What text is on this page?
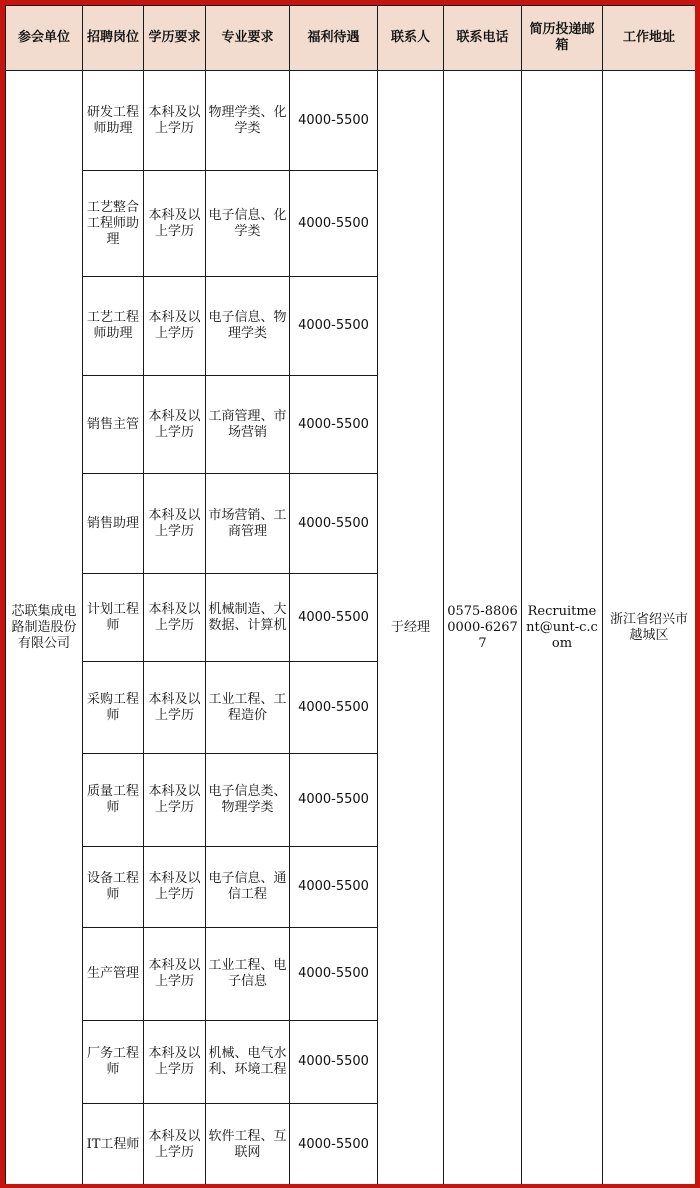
参会单位	招聘岗位	学历要求	专业要求	福利待遇	联系人	联系电话	简历投递邮箱	工作地址
芯联集成电路制造股份有限公司	研发工程师助理	本科及以上学历	物理学类、化学类	4000-5500	于经理	0575-88060000-62677	Recruitment@unt-c.com	浙江省绍兴市越城区
	工艺整合工程师助理	本科及以上学历	电子信息、化学类	4000-5500				
	工艺工程师助理	本科及以上学历	电子信息、物理学类	4000-5500				
	销售主管	本科及以上学历	工商管理、市场营销	4000-5500				
	销售助理	本科及以上学历	市场营销、工商管理	4000-5500				
	计划工程师	本科及以上学历	机械制造、大数据、计算机	4000-5500				
	采购工程师	本科及以上学历	工业工程、工程造价	4000-5500				
	质量工程师	本科及以上学历	电子信息类、物理学类	4000-5500				
	设备工程师	本科及以上学历	电子信息、通信工程	4000-5500				
	生产管理	本科及以上学历	工业工程、电子信息	4000-5500				
	厂务工程师	本科及以上学历	机械、电气水利、环境工程	4000-5500				
	IT工程师	本科及以上学历	软件工程、互联网	4000-5500				
